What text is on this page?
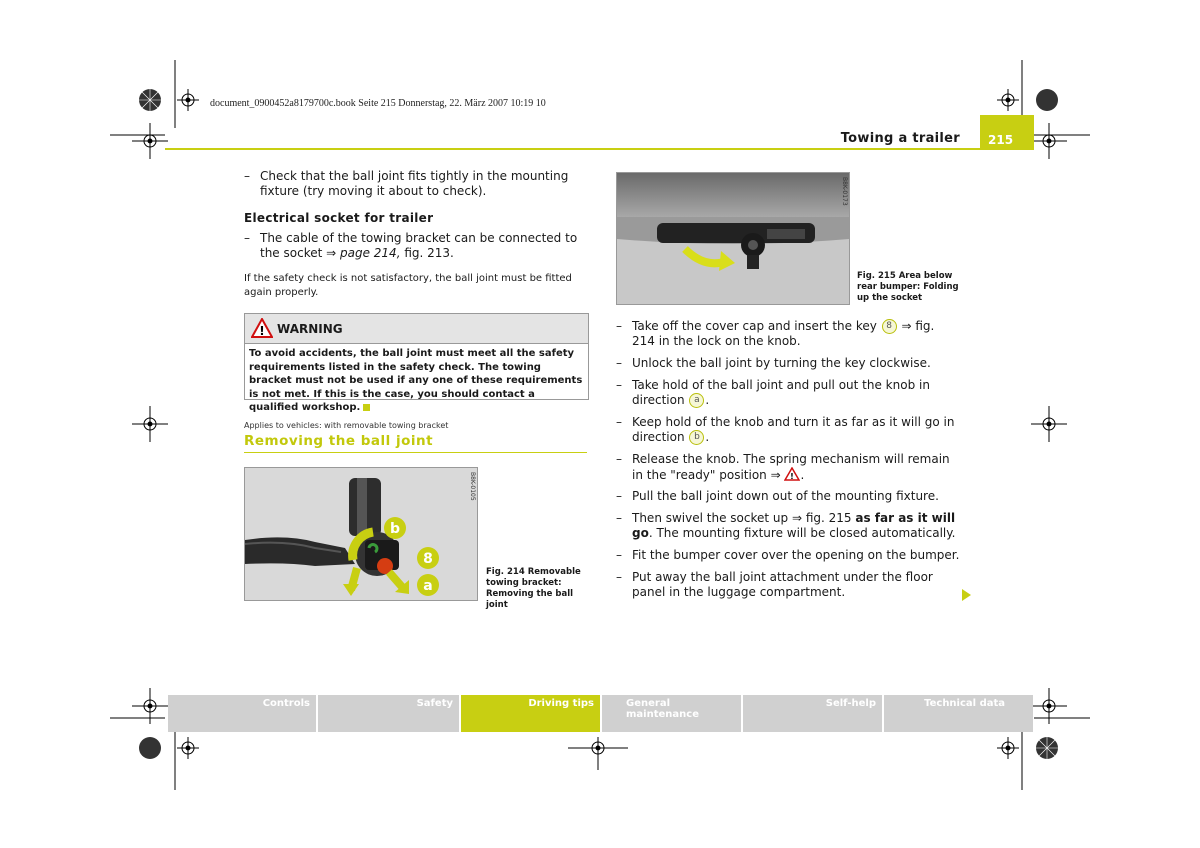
document_0900452a8179700c.book Seite 215 Donnerstag, 22. März 2007 10:19 10
Towing a trailer 215
– Check that the ball joint fits tightly in the mounting fixture (try moving it about to check).
Electrical socket for trailer
– The cable of the towing bracket can be connected to the socket ⇒ page 214, fig. 213.
If the safety check is not satisfactory, the ball joint must be fitted again properly.
! WARNING
To avoid accidents, the ball joint must meet all the safety requirements listed in the safety check. The towing bracket must not be used if any one of these requirements is not met. If this is the case, you should contact a qualified workshop.
Applies to vehicles: with removable towing bracket
Removing the ball joint
b
8
a
B8K-0105
Fig. 214 Removable
towing bracket:
Removing the ball joint
B8K-0173
Fig. 215 Area below
rear bumper: Folding
up the socket
– Take off the cover cap and insert the key 8 ⇒ fig. 214 in the lock on the knob.
– Unlock the ball joint by turning the key clockwise.
– Take hold of the ball joint and pull out the knob in direction a .
– Keep hold of the knob and turn it as far as it will go in direction b .
– Release the knob. The spring mechanism will remain in the "ready" position ⇒ ! .
– Pull the ball joint down out of the mounting fixture.
– Then swivel the socket up ⇒ fig. 215 as far as it will go. The mounting fixture will be closed automatically.
– Fit the bumper cover over the opening on the bumper.
– Put away the ball joint attachment under the floor panel in the luggage compartment.
Controls	Safety	Driving tips	General maintenance
Self-help	Technical data
